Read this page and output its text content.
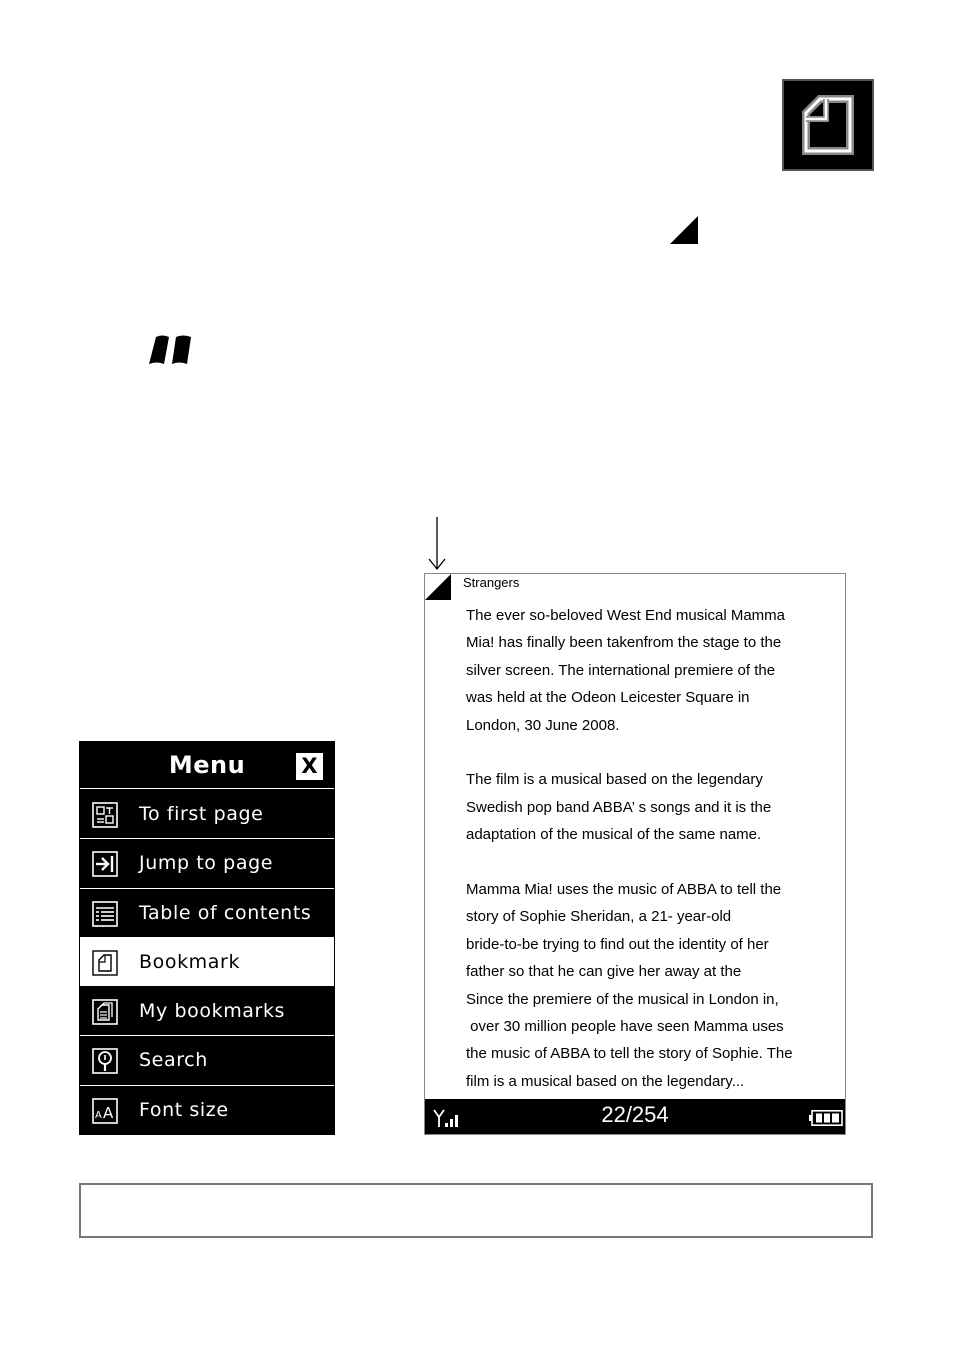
Menu	X
To first page
Jump to page
Table of contents
Bookmark
My bookmarks
Search
A A Font size
Strangers
The ever so-beloved West End musical Mamma
Mia! has finally been takenfrom the stage to the
silver screen. The international premiere of the
was held at the Odeon Leicester Square in
London, 30 June 2008.
The film is a musical based on the legendary
Swedish pop band ABBA’ s songs and it is the
adaptation of the musical of the same name.
Mamma Mia! uses the music of ABBA to tell the
story of Sophie Sheridan, a 21- year-old
bride-to-be trying to find out the identity of her
father so that he can give her away at the
Since the premiere of the musical in London in,
over 30 million people have seen Mamma uses
the music of ABBA to tell the story of Sophie. The
film is a musical based on the legendary...
22/254
